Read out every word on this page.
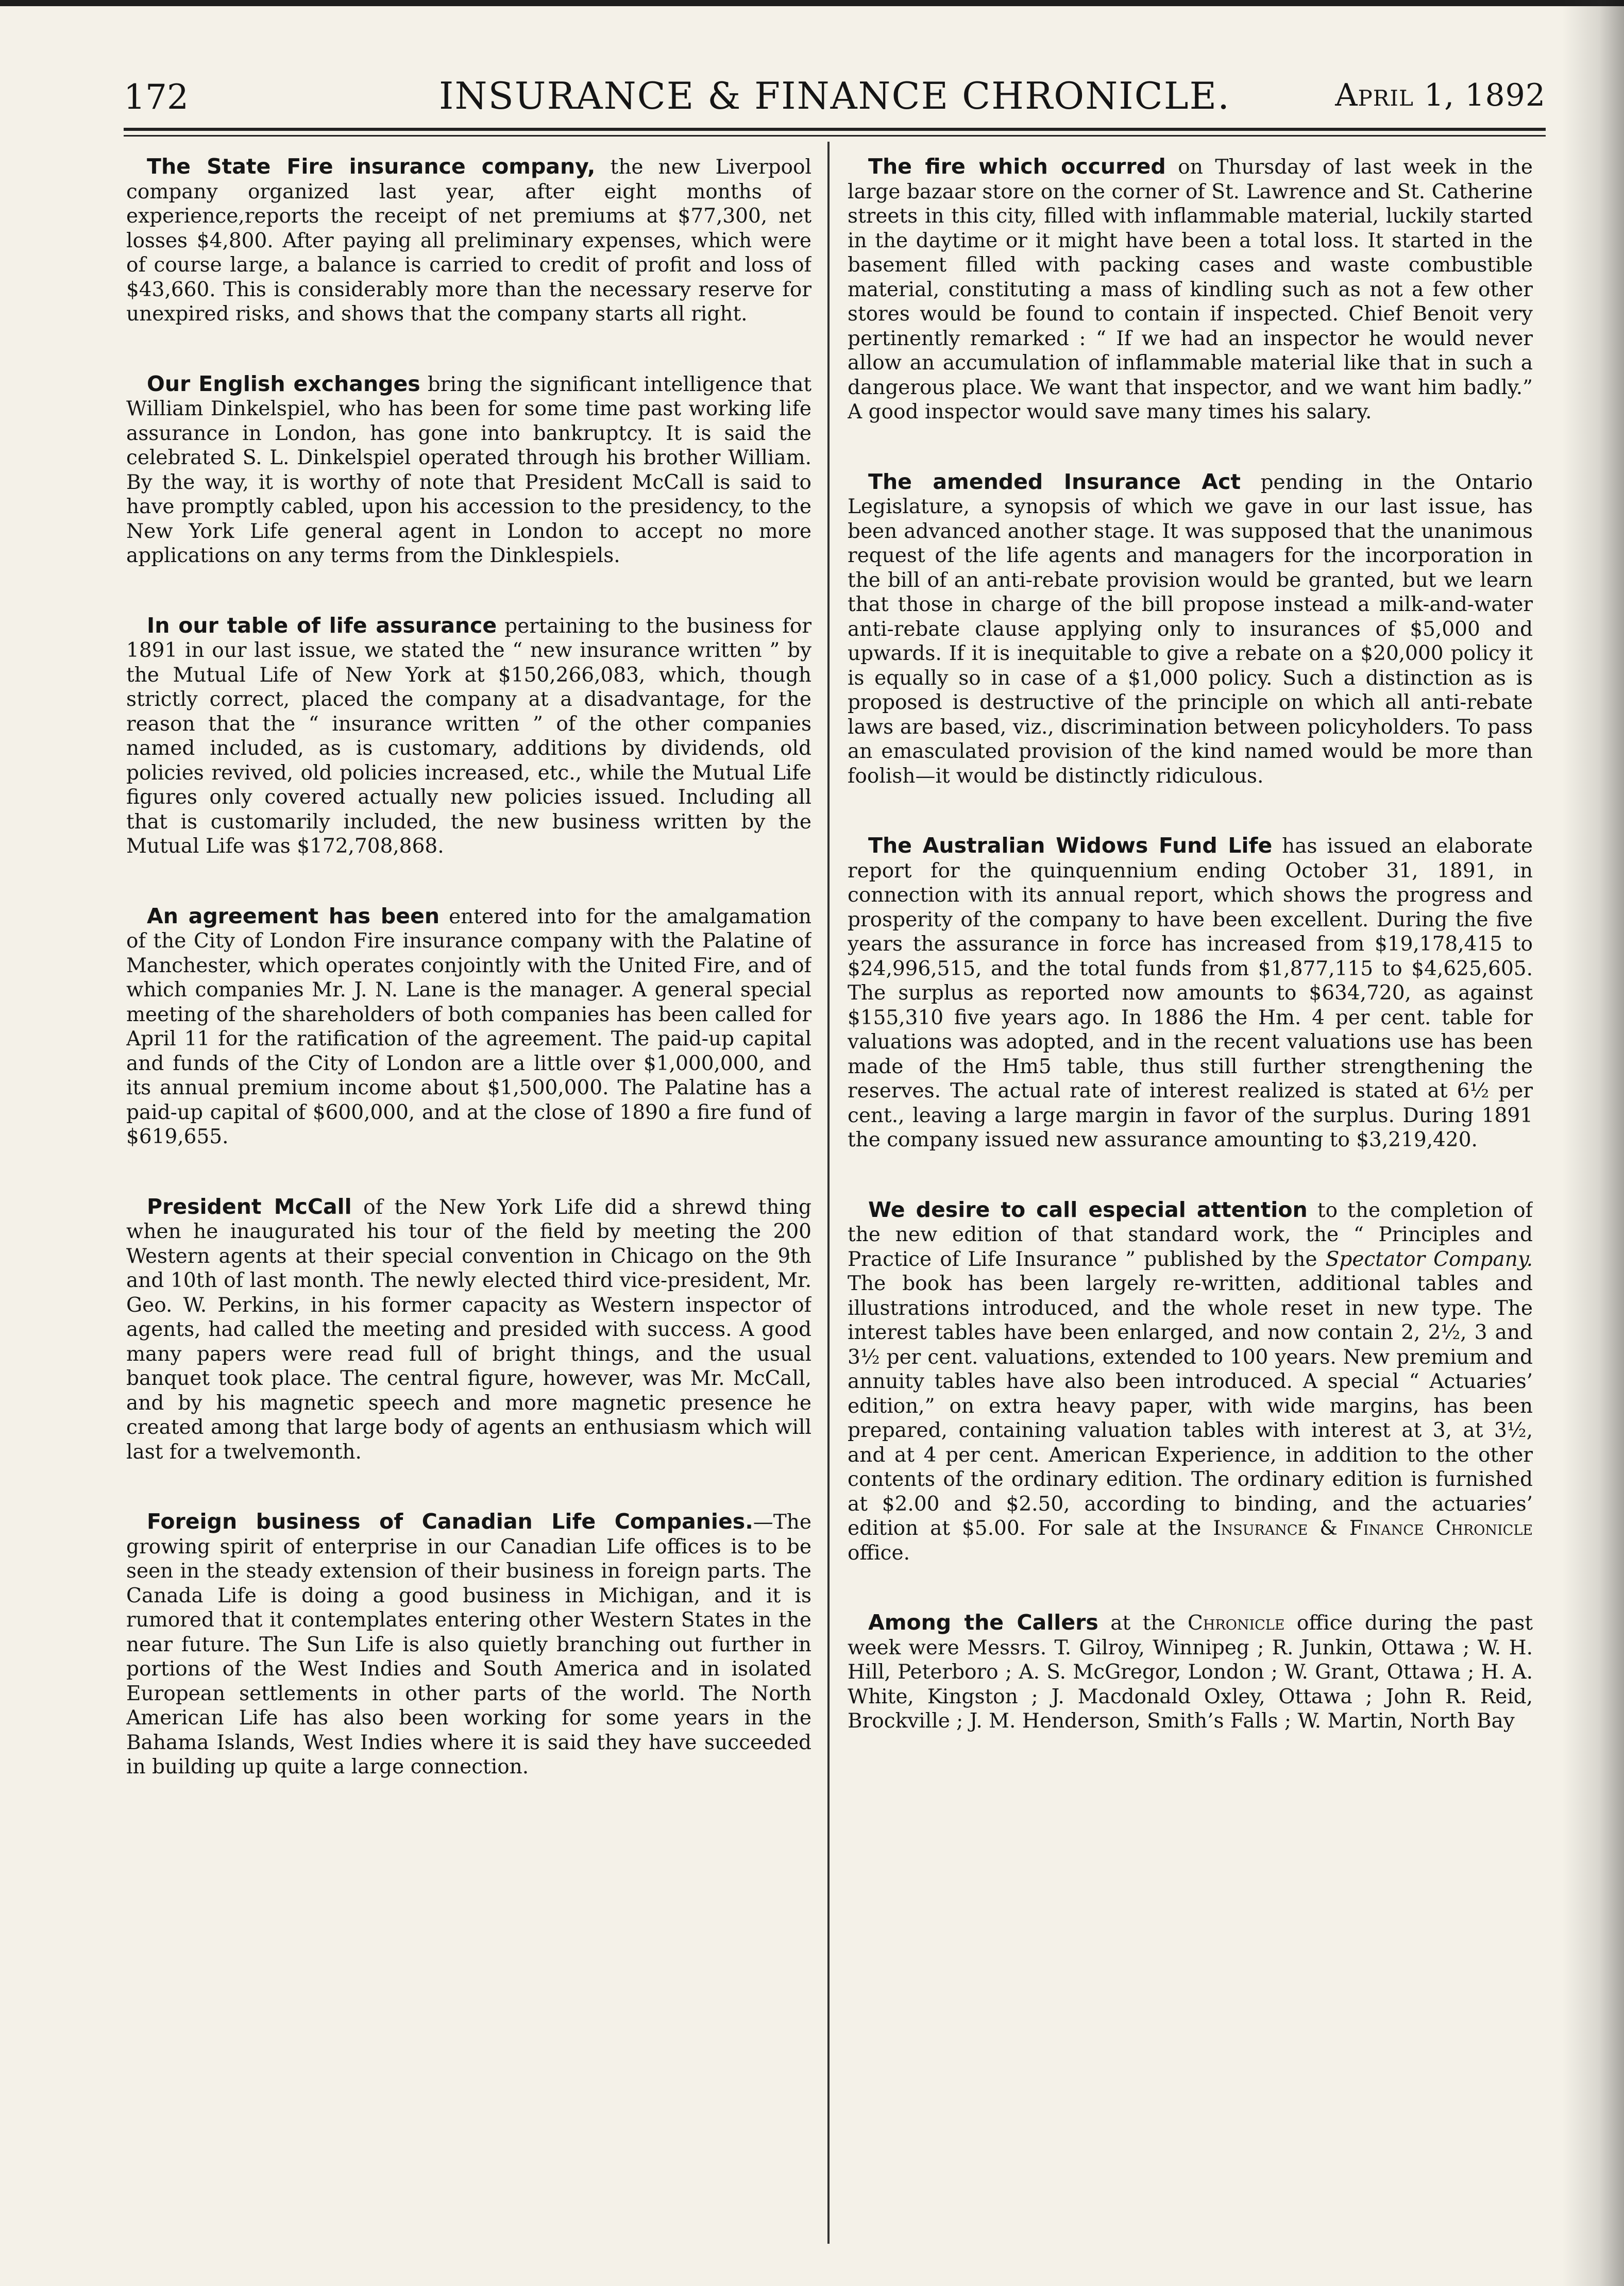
172	INSURANCE & FINANCE CHRONICLE.	April 1, 1892

The State Fire insurance company, the new Liverpool company organized last year, after eight months of experience,reports the receipt of net premiums at $77,300, net losses $4,800. After paying all preliminary expenses, which were of course large, a balance is carried to credit of profit and loss of $43,660. This is considerably more than the necessary reserve for unexpired risks, and shows that the company starts all right.

Our English exchanges bring the significant intelligence that William Dinkelspiel, who has been for some time past working life assurance in London, has gone into bankruptcy. It is said the celebrated S. L. Dinkelspiel operated through his brother William. By the way, it is worthy of note that President McCall is said to have promptly cabled, upon his accession to the presidency, to the New York Life general agent in London to accept no more applications on any terms from the Dinklespiels.

In our table of life assurance pertaining to the business for 1891 in our last issue, we stated the “ new insurance written ” by the Mutual Life of New York at $150,266,083, which, though strictly correct, placed the company at a disadvantage, for the reason that the “ insurance written ” of the other companies named included, as is customary, additions by dividends, old policies revived, old policies increased, etc., while the Mutual Life figures only covered actually new policies issued. Including all that is customarily included, the new business written by the Mutual Life was $172,708,868.

An agreement has been entered into for the amalgamation of the City of London Fire insurance company with the Palatine of Manchester, which operates conjointly with the United Fire, and of which companies Mr. J. N. Lane is the manager. A general special meeting of the shareholders of both companies has been called for April 11 for the ratification of the agreement. The paid-up capital and funds of the City of London are a little over $1,000,000, and its annual premium income about $1,500,000. The Palatine has a paid-up capital of $600,000, and at the close of 1890 a fire fund of $619,655.

President McCall of the New York Life did a shrewd thing when he inaugurated his tour of the field by meeting the 200 Western agents at their special convention in Chicago on the 9th and 10th of last month. The newly elected third vice-president, Mr. Geo. W. Perkins, in his former capacity as Western inspector of agents, had called the meeting and presided with success. A good many papers were read full of bright things, and the usual banquet took place. The central figure, however, was Mr. McCall, and by his magnetic speech and more magnetic presence he created among that large body of agents an enthusiasm which will last for a twelvemonth.

Foreign business of Canadian Life Companies.—The growing spirit of enterprise in our Canadian Life offices is to be seen in the steady extension of their business in foreign parts. The Canada Life is doing a good business in Michigan, and it is rumored that it contemplates entering other Western States in the near future. The Sun Life is also quietly branching out further in portions of the West Indies and South America and in isolated European settlements in other parts of the world. The North American Life has also been working for some years in the Bahama Islands, West Indies where it is said they have succeeded in building up quite a large connection.

The fire which occurred on Thursday of last week in the large bazaar store on the corner of St. Lawrence and St. Catherine streets in this city, filled with inflammable material, luckily started in the daytime or it might have been a total loss. It started in the basement filled with packing cases and waste combustible material, constituting a mass of kindling such as not a few other stores would be found to contain if inspected. Chief Benoit very pertinently remarked : “ If we had an inspector he would never allow an accumulation of inflammable material like that in such a dangerous place. We want that inspector, and we want him badly.” A good inspector would save many times his salary.

The amended Insurance Act pending in the Ontario Legislature, a synopsis of which we gave in our last issue, has been advanced another stage. It was supposed that the unanimous request of the life agents and managers for the incorporation in the bill of an anti-rebate provision would be granted, but we learn that those in charge of the bill propose instead a milk-and-water anti-rebate clause applying only to insurances of $5,000 and upwards. If it is inequitable to give a rebate on a $20,000 policy it is equally so in case of a $1,000 policy. Such a distinction as is proposed is destructive of the principle on which all anti-rebate laws are based, viz., discrimination between policyholders. To pass an emasculated provision of the kind named would be more than foolish—it would be distinctly ridiculous.

The Australian Widows Fund Life has issued an elaborate report for the quinquennium ending October 31, 1891, in connection with its annual report, which shows the progress and prosperity of the company to have been excellent. During the five years the assurance in force has increased from $19,178,415 to $24,996,515, and the total funds from $1,877,115 to $4,625,605. The surplus as reported now amounts to $634,720, as against $155,310 five years ago. In 1886 the Hm. 4 per cent. table for valuations was adopted, and in the recent valuations use has been made of the Hm5 table, thus still further strengthening the reserves. The actual rate of interest realized is stated at 6½ per cent., leaving a large margin in favor of the surplus. During 1891 the company issued new assurance amounting to $3,219,420.

We desire to call especial attention to the completion of the new edition of that standard work, the “ Principles and Practice of Life Insurance ” published by the Spectator Company. The book has been largely re-written, additional tables and illustrations introduced, and the whole reset in new type. The interest tables have been enlarged, and now contain 2, 2½, 3 and 3½ per cent. valuations, extended to 100 years. New premium and annuity tables have also been introduced. A special “ Actuaries’ edition,” on extra heavy paper, with wide margins, has been prepared, containing valuation tables with interest at 3, at 3½, and at 4 per cent. American Experience, in addition to the other contents of the ordinary edition. The ordinary edition is furnished at $2.00 and $2.50, according to binding, and the actuaries’ edition at $5.00. For sale at the Insurance & Finance Chronicle office.

Among the Callers at the Chronicle office during the past week were Messrs. T. Gilroy, Winnipeg ; R. Junkin, Ottawa ; W. H. Hill, Peterboro ; A. S. McGregor, London ; W. Grant, Ottawa ; H. A. White, Kingston ; J. Macdonald Oxley, Ottawa ; John R. Reid, Brockville ; J. M. Henderson, Smith’s Falls ; W. Martin, North Bay
